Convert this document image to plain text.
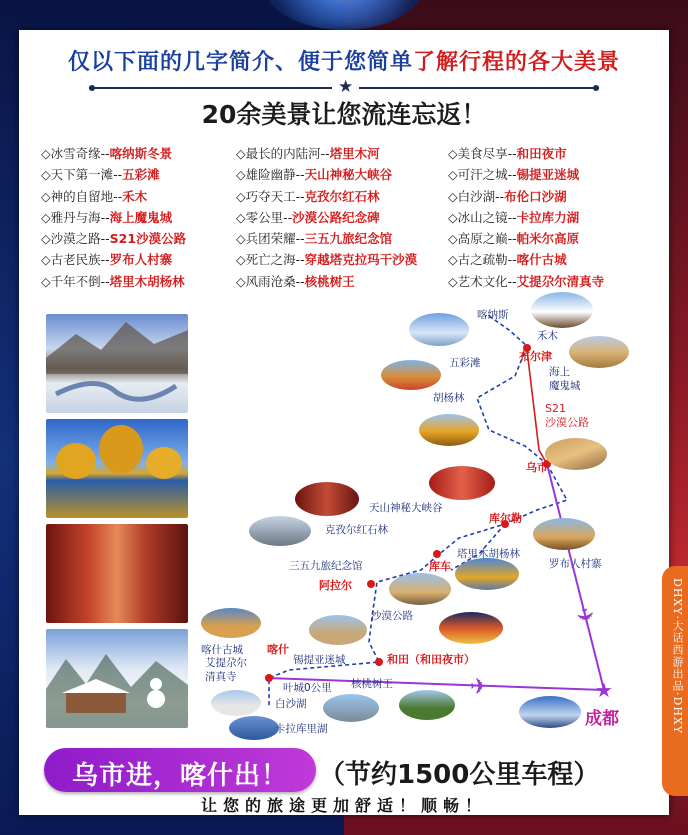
仅以下面的几字简介、便于您简单了解行程的各大美景
★
20余美景让您流连忘返！
◇冰雪奇缘--喀纳斯冬景
◇天下第一滩--五彩滩
◇神的自留地--禾木
◇雅丹与海--海上魔鬼城
◇沙漠之路--S21沙漠公路
◇古老民族--罗布人村寨
◇千年不倒--塔里木胡杨林
◇最长的内陆河--塔里木河
◇雄险幽静--天山神秘大峡谷
◇巧夺天工--克孜尔红石林
◇零公里--沙漠公路纪念碑
◇兵团荣耀--三五九旅纪念馆
◇死亡之海--穿越塔克拉玛干沙漠
◇风雨沧桑--核桃树王
◇美食尽享--和田夜市
◇可汗之城--锡提亚迷城
◇白沙湖--布伦口沙湖
◇冰山之镜--卡拉库力湖
◇高原之巅--帕米尔高原
◇古之疏勒--喀什古城
◇艺术文化--艾提尕尔清真寺
★
✈
✈
喀纳斯
禾木
布尔津
五彩滩
海上
魔鬼城
胡杨林
S21
沙漠公路
乌市
天山神秘大峡谷
库尔勒
克孜尔红石林
塔里木胡杨林
库车	罗布人村寨
三五九旅纪念馆
阿拉尔
沙漠公路
喀什古城 喀什
艾提尕尔
清真寺
锡提亚迷城	和田（和田夜市）
叶城0公里
白沙湖
核桃树王
卡拉库里湖	成都
乌市进，喀什出！	（节约1500公里车程）
让您的旅途更加舒适！顺畅！
DHXY·大话西游出品·DHXY
